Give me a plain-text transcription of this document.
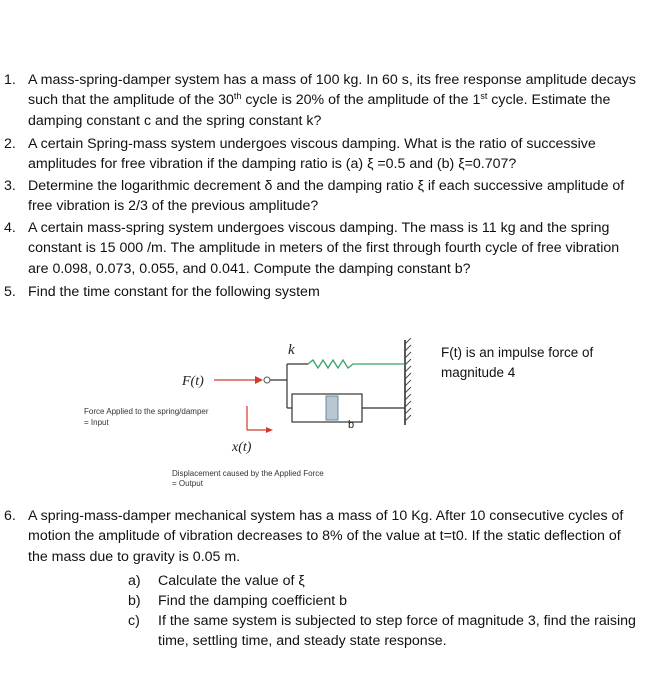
1. A mass-spring-damper system has a mass of 100 kg. In 60 s, its free response amplitude decays such that the amplitude of the 30th cycle is 20% of the amplitude of the 1st cycle. Estimate the damping constant c and the spring constant k?
2. A certain Spring-mass system undergoes viscous damping. What is the ratio of successive amplitudes for free vibration if the damping ratio is (a) ξ =0.5 and (b) ξ=0.707?
3. Determine the logarithmic decrement δ and the damping ratio ξ if each successive amplitude of free vibration is 2/3 of the previous amplitude?
4. A certain mass-spring system undergoes viscous damping. The mass is 11 kg and the spring constant is 15 000 /m. The amplitude in meters of the first through fourth cycle of free vibration are 0.098, 0.073, 0.055, and 0.041. Compute the damping constant b?
5. Find the time constant for the following system
F(t)
k
b
x(t)
Force Applied to the spring/damper
= Input
Displacement caused by the Applied Force
= Output
F(t) is an impulse force of magnitude 4
6. A spring-mass-damper mechanical system has a mass of 10 Kg. After 10 consecutive cycles of motion the amplitude of vibration decreases to 8% of the value at t=t0. If the static deflection of the mass due to gravity is 0.05 m.
a) Calculate the value of ξ
b) Find the damping coefficient b
c) If the same system is subjected to step force of magnitude 3, find the raising time, settling time, and steady state response.
